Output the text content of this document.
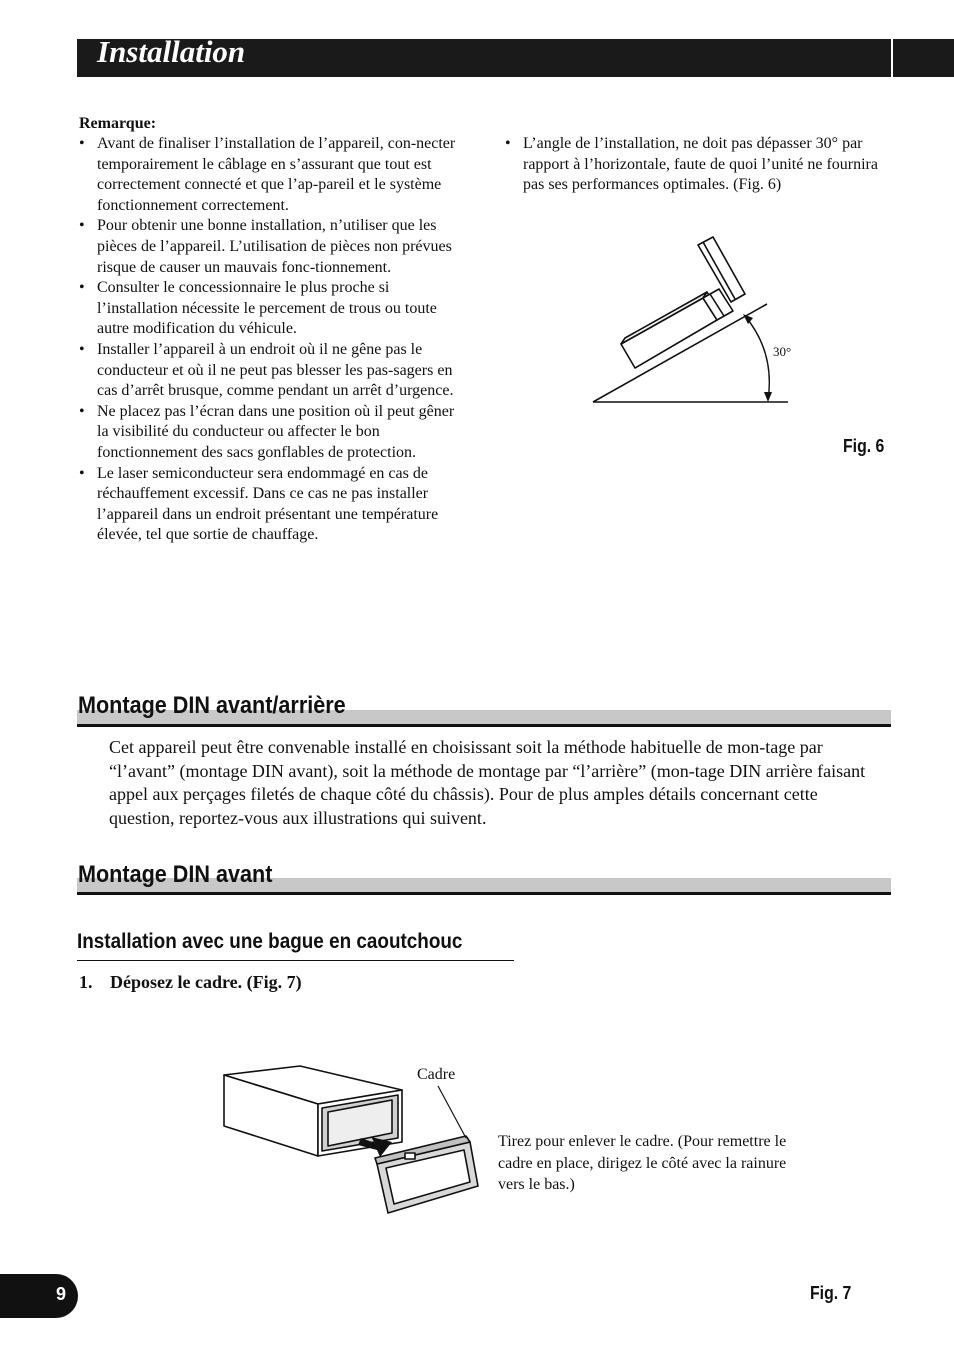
Installation
Remarque:
• Avant de finaliser l’installation de l’appareil, con-necter temporairement le câblage en s’assurant que tout est correctement connecté et que l’ap-pareil et le système fonctionnement correctement.
• Pour obtenir une bonne installation, n’utiliser que les pièces de l’appareil. L’utilisation de pièces non prévues risque de causer un mauvais fonc-tionnement.
• Consulter le concessionnaire le plus proche si l’installation nécessite le percement de trous ou toute autre modification du véhicule.
• Installer l’appareil à un endroit où il ne gêne pas le conducteur et où il ne peut pas blesser les pas-sagers en cas d’arrêt brusque, comme pendant un arrêt d’urgence.
• Ne placez pas l’écran dans une position où il peut gêner la visibilité du conducteur ou affecter le bon fonctionnement des sacs gonflables de protection.
• Le laser semiconducteur sera endommagé en cas de réchauffement excessif. Dans ce cas ne pas installer l’appareil dans un endroit présentant une température élevée, tel que sortie de chauffage.
• L’angle de l’installation, ne doit pas dépasser 30° par rapport à l’horizontale, faute de quoi l’unité ne fournira pas ses performances optimales. (Fig. 6)
30°
Fig. 6
Montage DIN avant/arrière

Cet appareil peut être convenable installé en choisissant soit la méthode habituelle de mon-tage par “l’avant” (montage DIN avant), soit la méthode de montage par “l’arrière” (mon-tage DIN arrière faisant appel aux perçages filetés de chaque côté du châssis). Pour de plus amples détails concernant cette question, reportez-vous aux illustrations qui suivent.

Montage DIN avant
Installation avec une bague en caoutchouc
1. Déposez le cadre. (Fig. 7)
Cadre

Tirez pour enlever le cadre. (Pour remettre le cadre en place, dirigez le côté avec la rainure vers le bas.)

Fig. 7
9
